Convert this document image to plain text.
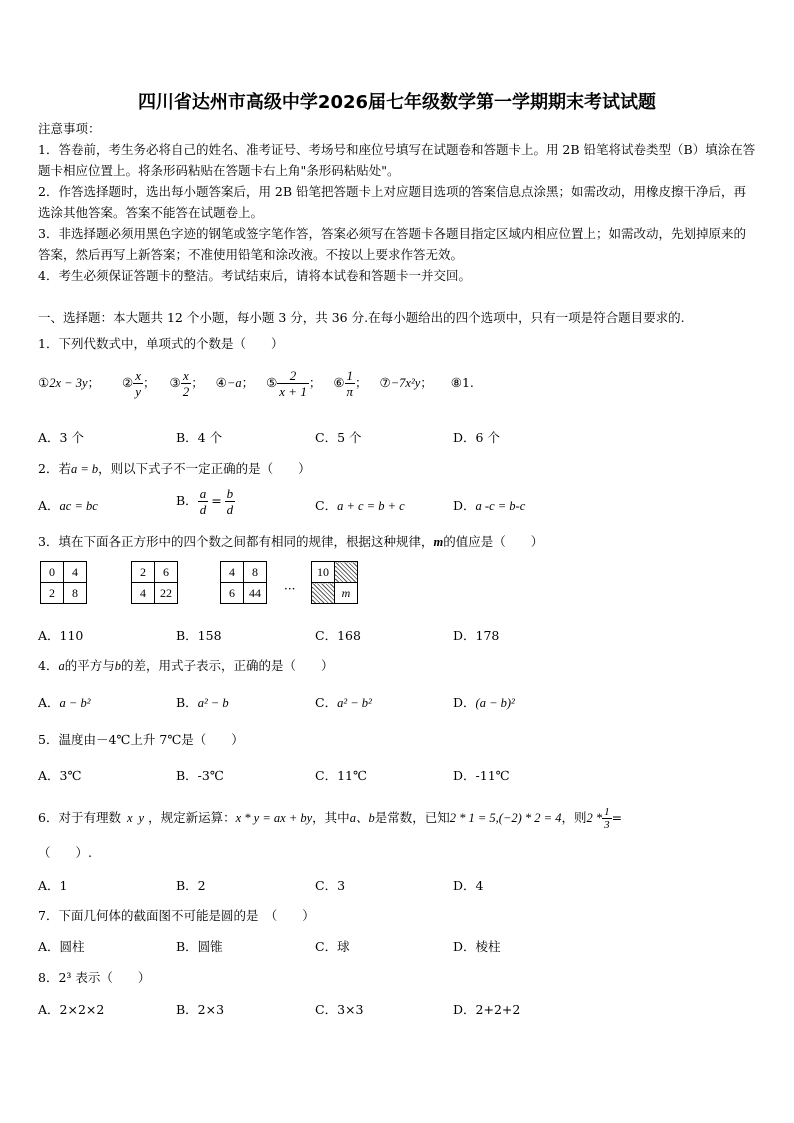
四川省达州市高级中学2026届七年级数学第一学期期末考试试题
注意事项：
1．答卷前，考生务必将自己的姓名、准考证号、考场号和座位号填写在试题卷和答题卡上。用 2B 铅笔将试卷类型（B）填涂在答题卡相应位置上。将条形码粘贴在答题卡右上角"条形码粘贴处"。
2．作答选择题时，选出每小题答案后，用 2B 铅笔把答题卡上对应题目选项的答案信息点涂黑；如需改动，用橡皮擦干净后，再选涂其他答案。答案不能答在试题卷上。
3．非选择题必须用黑色字迹的钢笔或签字笔作答，答案必须写在答题卡各题目指定区域内相应位置上；如需改动，先划掉原来的答案，然后再写上新答案；不准使用铅笔和涂改液。不按以上要求作答无效。
4．考生必须保证答题卡的整洁。考试结束后，请将本试卷和答题卡一并交回。
一、选择题：本大题共 12 个小题，每小题 3 分，共 36 分.在每小题给出的四个选项中，只有一项是符合题目要求的.
1．下列代数式中，单项式的个数是（　　）
①2x − 3y； ② $\frac{x}{y}$ ； ③ $\frac{x}{2}$ ； ④−a； ⑤ $\frac{2}{x + 1}$ ； ⑥ $\frac{1}{\pi}$ ； ⑦−7x²y； ⑧1.
A．3 个	B．4 个	C．5 个	D．6 个
2．若a = b，则以下式子不一定正确的是（　　）
A．ac = bc	B． $\frac{a}{d} = \frac{b}{d}$	C．a + c = b + c	D．a -c = b-c
3．填在下面各正方形中的四个数之间都有相同的规律，根据这种规律，m的值应是（　　）
0	4
2	8
2	6
4	22
4	8
6	44 ···
10	
	m
A．110	B．158	C．168	D．178
4．a的平方与b的差，用式子表示，正确的是（　　）
A．a − b²	B．a² − b	C．a² − b²	D．(a − b)²
5．温度由－4℃上升 7℃是（　　）
A．3℃	B．-3℃	C．11℃	D．-11℃
6．对于有理数 x y ，规定新运算：x * y = ax + by，其中a、b是常数，已知2 * 1 = 5,(−2) * 2 = 4，则$2 * \frac{1}{3}$ =
（　　）.
A．1	B．2	C．3	D．4
7．下面几何体的截面图不可能是圆的是　（　　）
A．圆柱	B．圆锥	C．球	D．棱柱
8．2³ 表示（　　）
A．2×2×2	B．2×3	C．3×3	D．2+2+2
